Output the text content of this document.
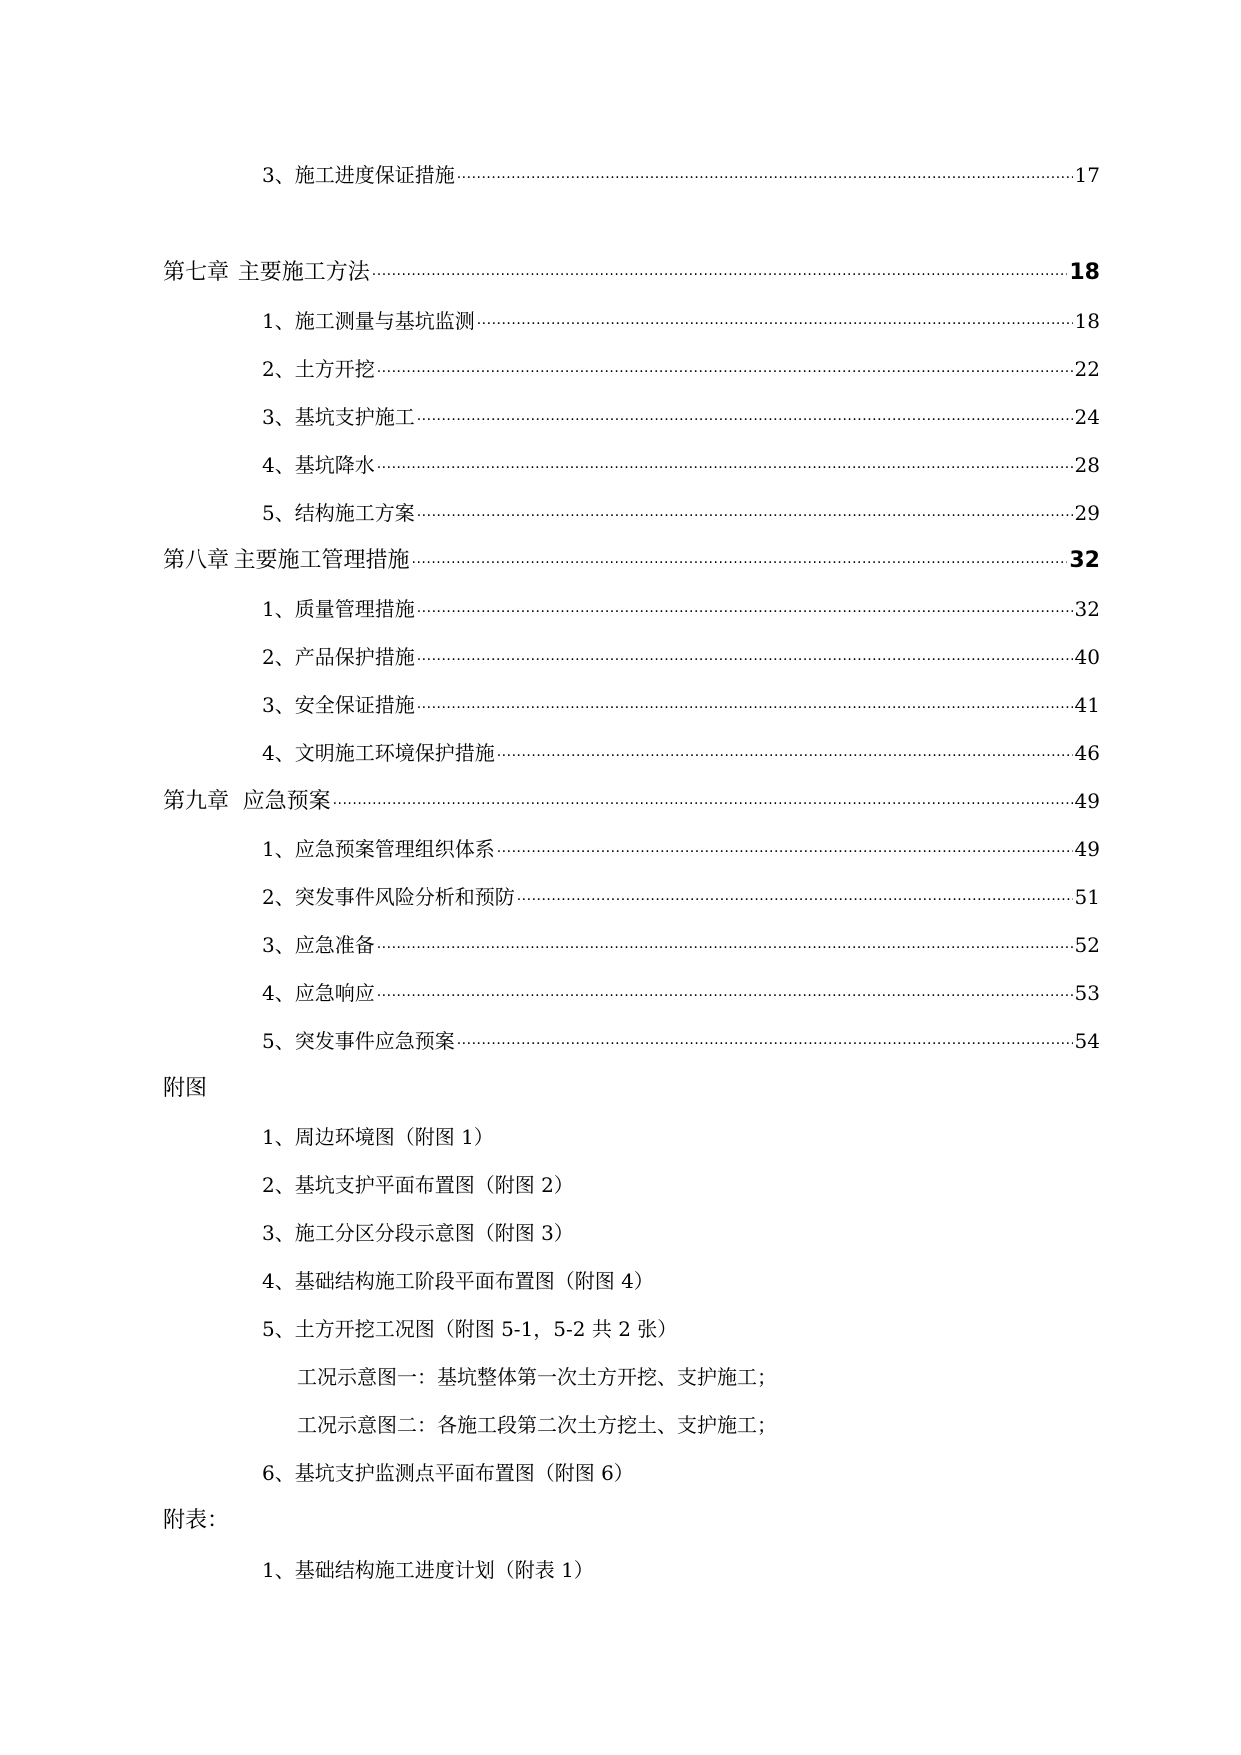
3、施工进度保证措施 ·····	17
第七章 主要施工方法 ·····	18
1、施工测量与基坑监测 ·····	18
2、土方开挖 ·····	22
3、基坑支护施工 ·····	24
4、基坑降水 ·····	28
5、结构施工方案 ·····	29
第八章 主要施工管理措施 ·····	32
1、质量管理措施 ·····	32
2、产品保护措施 ·····	40
3、安全保证措施 ·····	41
4、文明施工环境保护措施 ·····	46
第九章 应急预案 ·····	49
1、应急预案管理组织体系 ·····	49
2、突发事件风险分析和预防 ·····	51
3、应急准备 ·····	52
4、应急响应 ·····	53
5、突发事件应急预案 ·····	54
附图
1、周边环境图（附图 1）
2、基坑支护平面布置图（附图 2）
3、施工分区分段示意图（附图 3）
4、基础结构施工阶段平面布置图（附图 4）
5、土方开挖工况图（附图 5-1，5-2 共 2 张）
工况示意图一：基坑整体第一次土方开挖、支护施工；
工况示意图二：各施工段第二次土方挖土、支护施工；
6、基坑支护监测点平面布置图（附图 6）
附表：
1、基础结构施工进度计划（附表 1）
